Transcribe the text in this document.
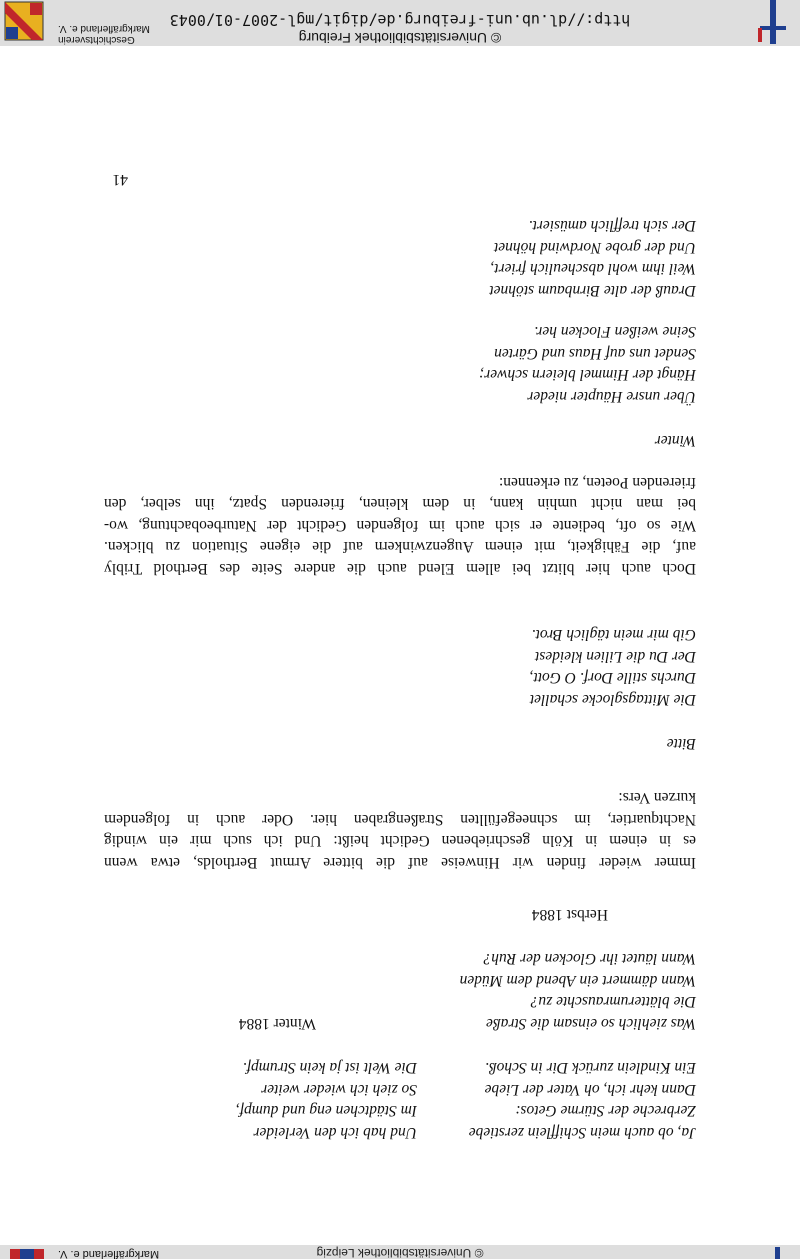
http://dl.ub.uni-freiburg.de/digit/mgl-2007-01/0043
© Universitätsbibliothek Freiburg
Geschichtsverein
Markgräflerland e. V.
© Universitätsbibliothek Leipzig
Markgräflerland e. V.
Ja, ob auch mein Schifflein zerstiebe
Zerbreche der Stürme Getos:
Dann kehr ich, oh Vater der Liebe
Ein Kindlein zurück Dir in Schoß.
Und hab ich den Verleider
Im Städtchen eng und dumpf,
So zieh ich wieder weiter
Die Welt ist ja kein Strumpf.
Was ziehlich so einsam die Straße
Die blätterumrauschte zu?
Wann dämmert ein Abend dem Müden
Wann läutet ihr Glocken der Ruh?
Winter 1884
Herbst 1884
Immer wieder finden wir Hinweise auf die bittere Armut Bertholds, etwa wenn
es in einem in Köln geschriebenen Gedicht heißt: Und ich such mir ein windig
Nachtquartier, im schneegefüllten Straßengraben hier. Oder auch in folgendem
kurzen Vers:
Bitte
Die Mittagsglocke schallet
Durchs stille Dorf. O Gott,
Der Du die Lilien kleidest
Gib mir mein täglich Brot.
Doch auch hier blitzt bei allem Elend auch die andere Seite des Berthold Tribly
auf, die Fähigkeit, mit einem Augenzwinkern auf die eigene Situation zu blicken.
Wie so oft, bediente er sich auch im folgenden Gedicht der Naturbeobachtung, wo-
bei man nicht umhin kann, in dem kleinen, frierenden Spatz, ihn selber, den
frierenden Poeten, zu erkennen:
Winter
Über unsre Häupter nieder
Hängt der Himmel bleiern schwer;
Sendet uns auf Haus und Gärten
Seine weißen Flocken her.
Drauß der alte Birnbaum stöhnet
Weil ihm wohl abscheulich friert,
Und der grobe Nordwind höhnet
Der sich trefflich amüsiert.
41
